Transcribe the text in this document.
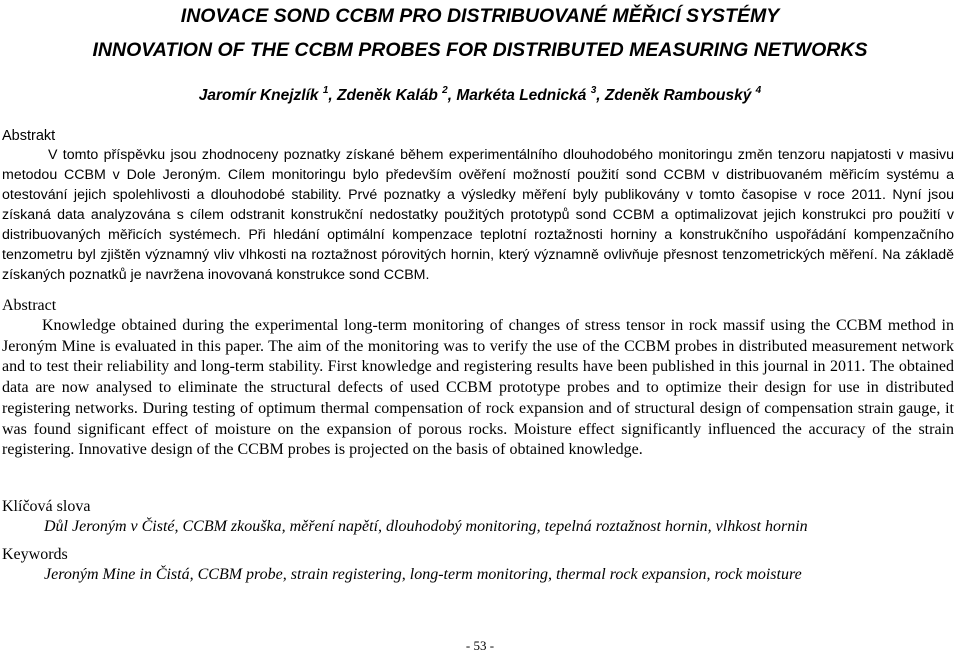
INOVACE SOND CCBM PRO DISTRIBUOVANÉ MĚŘICÍ SYSTÉMY
INNOVATION OF THE CCBM PROBES FOR DISTRIBUTED MEASURING NETWORKS
Jaromír Knejzlík $^1$, Zdeněk Kaláb $^2$, Markéta Lednická $^3$, Zdeněk Rambouský $^4$
Abstrakt

V tomto příspěvku jsou zhodnoceny poznatky získané během experimentálního dlouhodobého monitoringu změn tenzoru napjatosti v masivu metodou CCBM v Dole Jeroným. Cílem monitoringu bylo především ověření možností použití sond CCBM v distribuovaném měřicím systému a otestování jejich spolehlivosti a dlouhodobé stability. Prvé poznatky a výsledky měření byly publikovány v tomto časopise v roce 2011. Nyní jsou získaná data analyzována s cílem odstranit konstrukční nedostatky použitých prototypů sond CCBM a optimalizovat jejich konstrukci pro použití v distribuovaných měřicích systémech. Při hledání optimální kompenzace teplotní roztažnosti horniny a konstrukčního uspořádání kompenzačního tenzometru byl zjištěn významný vliv vlhkosti na roztažnost pórovitých hornin, který významně ovlivňuje přesnost tenzometrických měření. Na základě získaných poznatků je navržena inovovaná konstrukce sond CCBM.

Abstract

Knowledge obtained during the experimental long-term monitoring of changes of stress tensor in rock massif using the CCBM method in Jeroným Mine is evaluated in this paper. The aim of the monitoring was to verify the use of the CCBM probes in distributed measurement network and to test their reliability and long-term stability. First knowledge and registering results have been published in this journal in 2011. The obtained data are now analysed to eliminate the structural defects of used CCBM prototype probes and to optimize their design for use in distributed registering networks. During testing of optimum thermal compensation of rock expansion and of structural design of compensation strain gauge, it was found significant effect of moisture on the expansion of porous rocks. Moisture effect significantly influenced the accuracy of the strain registering. Innovative design of the CCBM probes is projected on the basis of obtained knowledge.

Klíčová slova
Důl Jeroným v Čisté, CCBM zkouška, měření napětí, dlouhodobý monitoring, tepelná roztažnost hornin, vlhkost hornin
Keywords
Jeroným Mine in Čistá, CCBM probe, strain registering, long-term monitoring, thermal rock expansion, rock moisture
- 53 -
